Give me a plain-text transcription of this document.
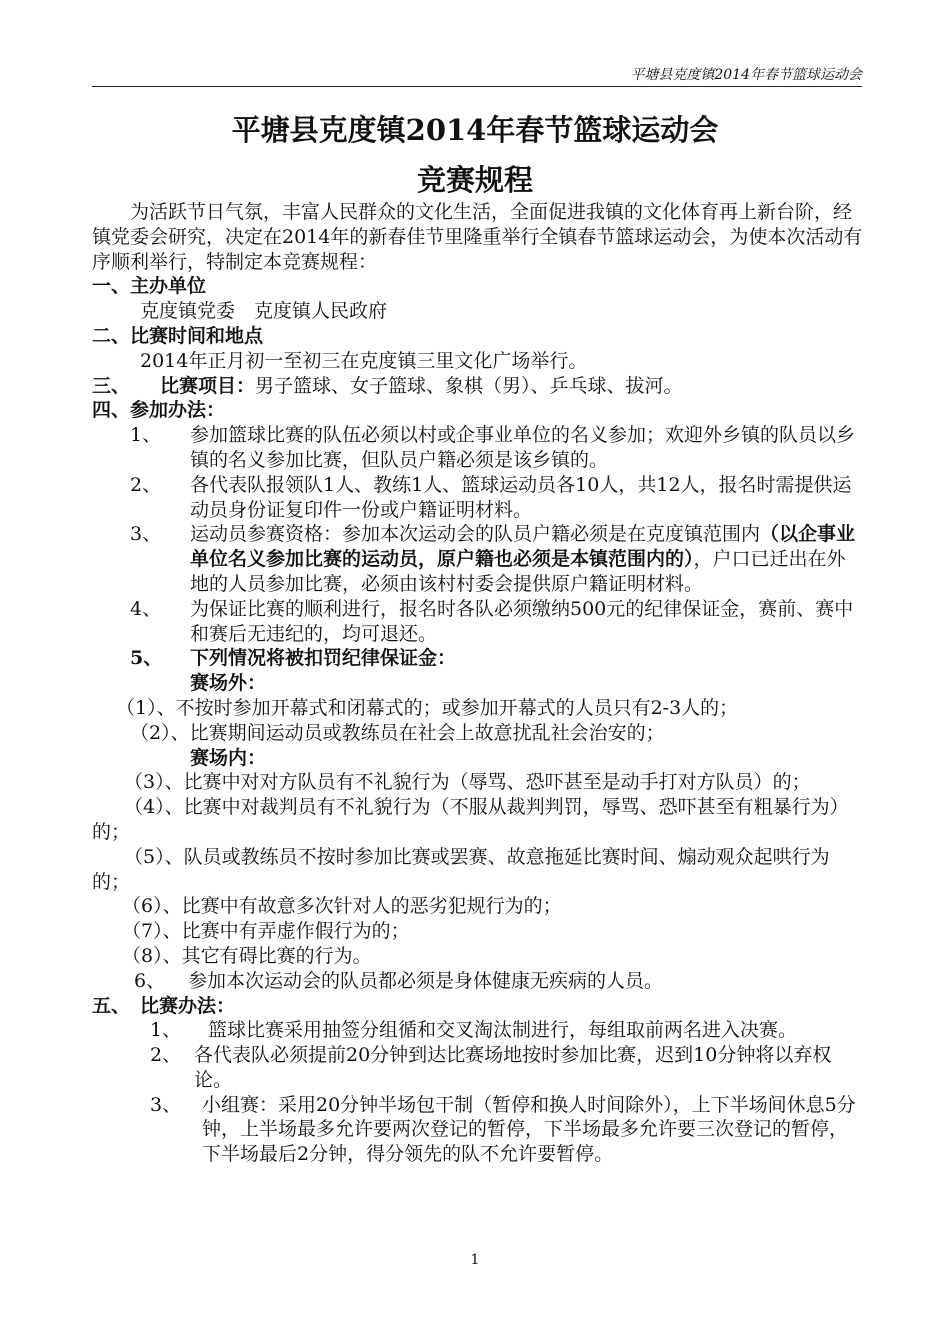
平塘县克度镇2014年春节篮球运动会
平塘县克度镇2014年春节篮球运动会
竞赛规程

为活跃节日气氛，丰富人民群众的文化生活，全面促进我镇的文化体育再上新台阶，经镇党委会研究，决定在2014年的新春佳节里隆重举行全镇春节篮球运动会，为使本次活动有序顺利举行，特制定本竞赛规程：

一、主办单位

克度镇党委　克度镇人民政府

二、比赛时间和地点

2014年正月初一至初三在克度镇三里文化广场举行。

三、 比赛项目：男子篮球、女子篮球、象棋（男）、乒乓球、拔河。

四、参加办法：

1、	参加篮球比赛的队伍必须以村或企事业单位的名义参加；欢迎外乡镇的队员以乡镇的名义参加比赛，但队员户籍必须是该乡镇的。
2、	各代表队报领队1人、教练1人、篮球运动员各10人，共12人，报名时需提供运动员身份证复印件一份或户籍证明材料。
3、	运动员参赛资格：参加本次运动会的队员户籍必须是在克度镇范围内（以企事业单位名义参加比赛的运动员，原户籍也必须是本镇范围内的），户口已迁出在外地的人员参加比赛，必须由该村村委会提供原户籍证明材料。
4、	为保证比赛的顺利进行，报名时各队必须缴纳500元的纪律保证金，赛前、赛中和赛后无违纪的，均可退还。
5、	下列情况将被扣罚纪律保证金：

赛场外：

（1）、不按时参加开幕式和闭幕式的；或参加开幕式的人员只有2-3人的；

（2）、比赛期间运动员或教练员在社会上故意扰乱社会治安的；

赛场内：

（3）、比赛中对对方队员有不礼貌行为（辱骂、恐吓甚至是动手打对方队员）的；

（4）、比赛中对裁判员有不礼貌行为（不服从裁判判罚，辱骂、恐吓甚至有粗暴行为）的；

（5）、队员或教练员不按时参加比赛或罢赛、故意拖延比赛时间、煽动观众起哄行为的；

（6）、比赛中有故意多次针对人的恶劣犯规行为的；

（7）、比赛中有弄虚作假行为的；

（8）、其它有碍比赛的行为。

6、	参加本次运动会的队员都必须是身体健康无疾病的人员。

五、 比赛办法：

1、	篮球比赛采用抽签分组循和交叉淘汰制进行，每组取前两名进入决赛。
2、 各代表队必须提前20分钟到达比赛场地按时参加比赛，迟到10分钟将以弃权论。
3、	小组赛：采用20分钟半场包干制（暂停和换人时间除外），上下半场间休息5分钟，上半场最多允许要两次登记的暂停，下半场最多允许要三次登记的暂停，下半场最后2分钟，得分领先的队不允许要暂停。
1
